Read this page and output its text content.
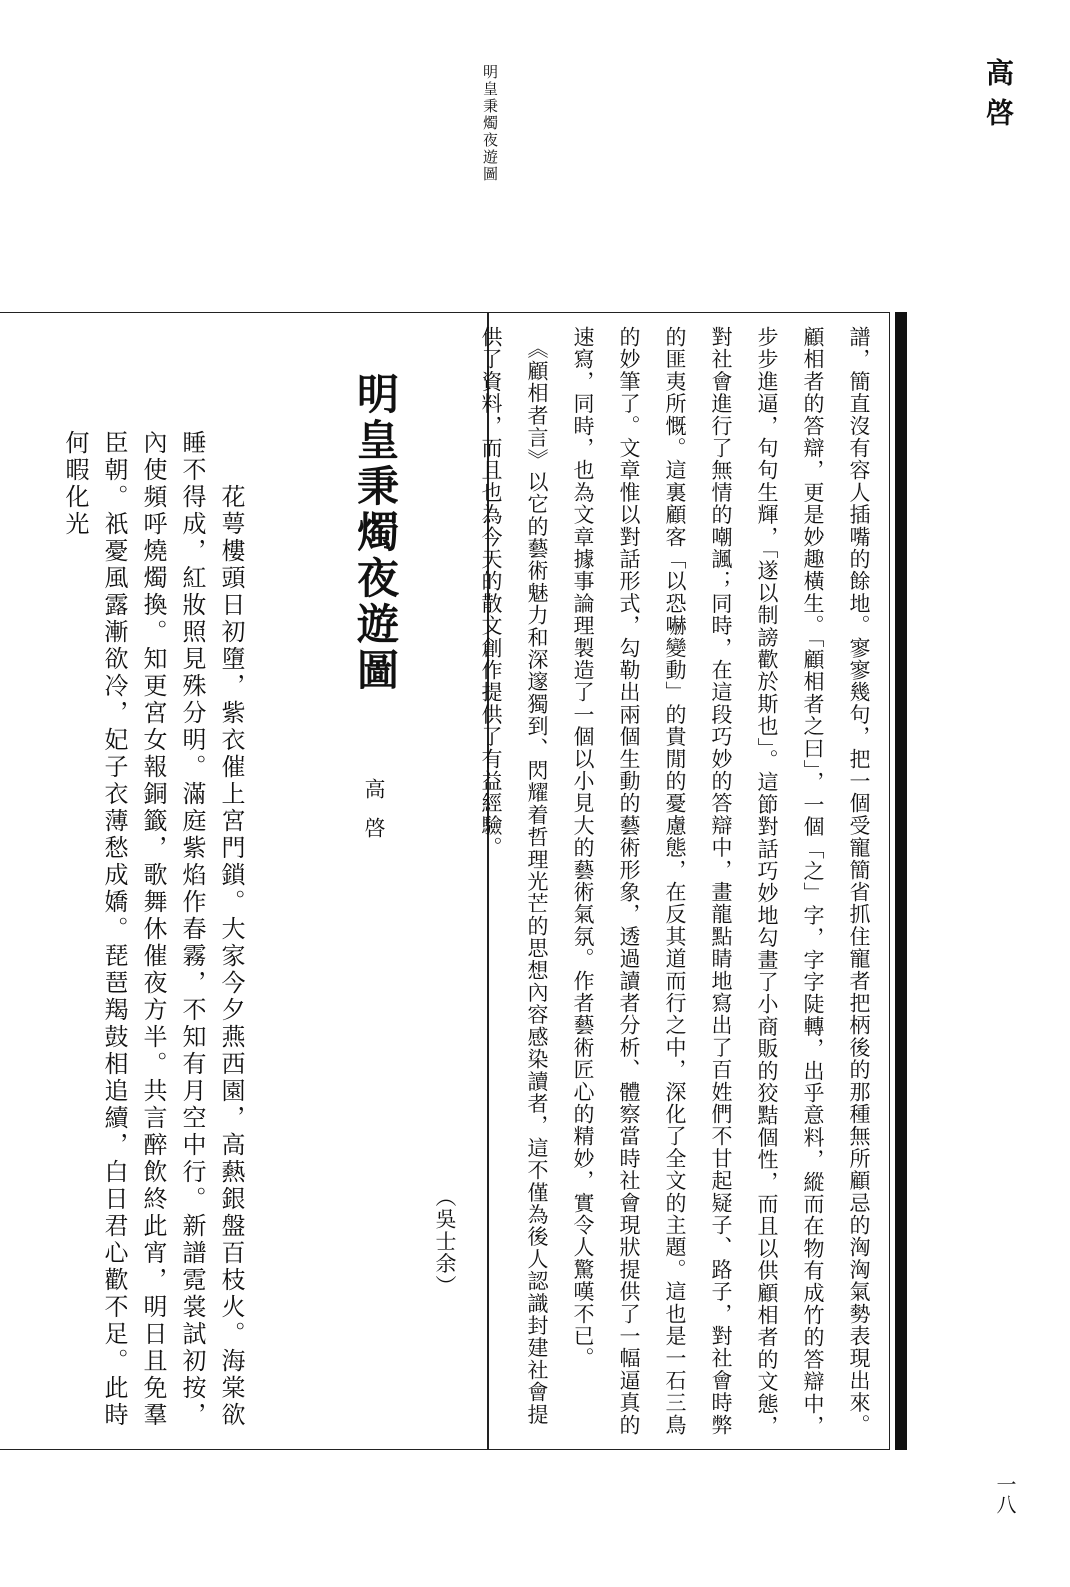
高啓
明皇秉燭夜遊圖

譜，簡直沒有容人插嘴的餘地。寥寥幾句，把一個受寵簡省抓住寵者把柄後的那種無所顧忌的洶洶氣勢表現出來。顧相者的答辯，更是妙趣橫生。「顧相者之曰」，一個「之」字，字字陡轉，出乎意料，縱而在物有成竹的答辯中，步步進逼，句句生輝，「遂以制謗歡於斯也」。這節對話巧妙地勾畫了小商販的狡黠個性，而且以供顧相者的文態，對社會進行了無情的嘲諷；同時，在這段巧妙的答辯中，畫龍點睛地寫出了百姓們不甘起疑子、路子，對社會時弊的匪夷所慨。這裏顧客「以恐嚇變動」的貴閒的憂慮態，在反其道而行之中，深化了全文的主題。這也是一石三鳥的妙筆了。文章惟以對話形式，勾勒出兩個生動的藝術形象，透過讀者分析、體察當時社會現狀提供了一幅逼真的速寫，同時，也為文章據事論理製造了一個以小見大的藝術氣氛。作者藝術匠心的精妙，實令人驚嘆不已。

　《顧相者言》以它的藝術魅力和深邃獨到、閃耀着哲理光芒的思想內容感染讀者，這不僅為後人認識封建社會提供了資料，而且也為今天的散文創作提供了有益經驗。

（吳士余）

明皇秉燭夜遊圖
高啓

　　花萼樓頭日初墮，紫衣催上宮門鎖。大家今夕燕西園，高爇銀盤百枝火。海棠欲睡不得成，紅妝照見殊分明。滿庭紫焰作春霧，不知有月空中行。新譜霓裳試初按，內使頻呼燒燭換。知更宮女報銅籤，歌舞休催夜方半。共言醉飲終此宵，明日且免羣臣朝。祇憂風露漸欲冷，妃子衣薄愁成嬌。琵琶羯鼓相追續，白日君心歡不足。此時何暇化光

一八
